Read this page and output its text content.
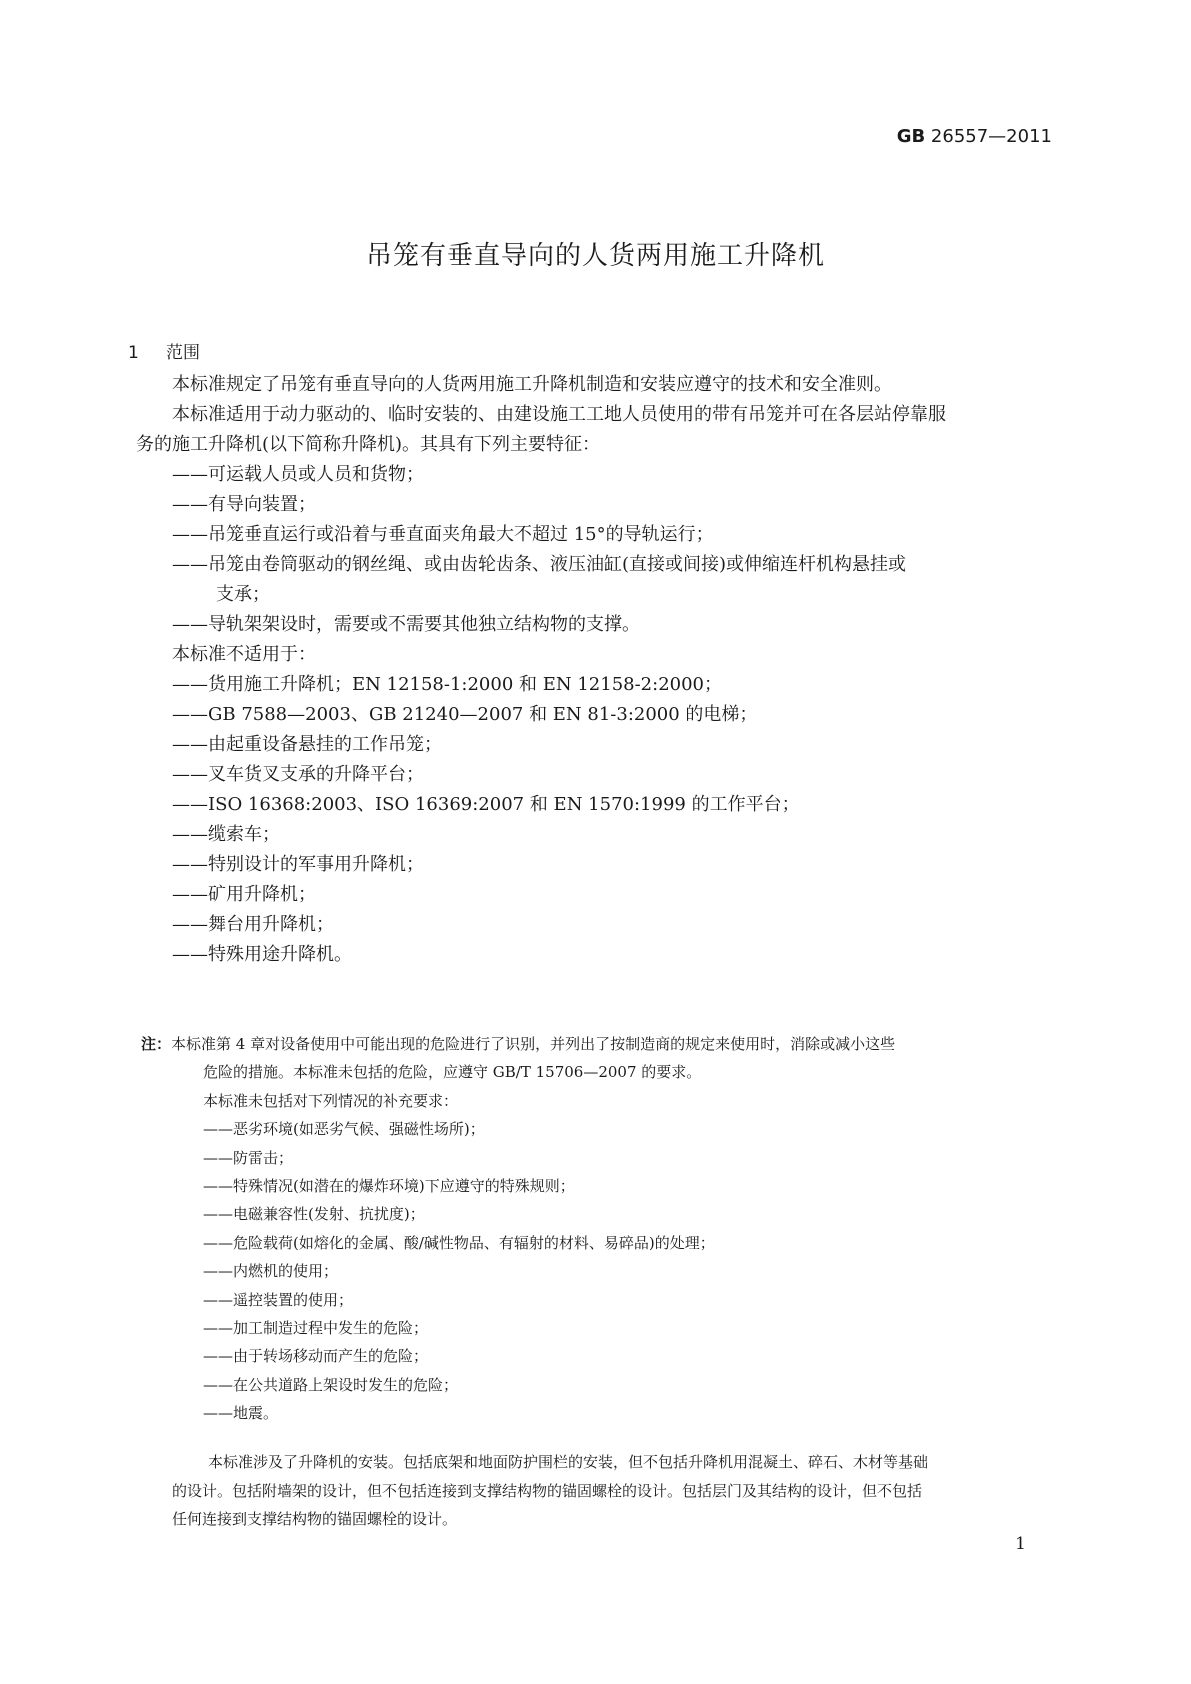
GB 26557—2011
吊笼有垂直导向的人货两用施工升降机
1 范围
本标准规定了吊笼有垂直导向的人货两用施工升降机制造和安装应遵守的技术和安全准则。
本标准适用于动力驱动的、临时安装的、由建设施工工地人员使用的带有吊笼并可在各层站停靠服
务的施工升降机(以下简称升降机)。其具有下列主要特征：
——可运载人员或人员和货物；
——有导向装置；
——吊笼垂直运行或沿着与垂直面夹角最大不超过 15°的导轨运行；
——吊笼由卷筒驱动的钢丝绳、或由齿轮齿条、液压油缸(直接或间接)或伸缩连杆机构悬挂或
支承；
——导轨架架设时，需要或不需要其他独立结构物的支撑。
本标准不适用于：
——货用施工升降机；EN 12158-1:2000 和 EN 12158-2:2000；
——GB 7588—2003、GB 21240—2007 和 EN 81-3:2000 的电梯；
——由起重设备悬挂的工作吊笼；
——叉车货叉支承的升降平台；
——ISO 16368:2003、ISO 16369:2007 和 EN 1570:1999 的工作平台；
——缆索车；
——特别设计的军事用升降机；
——矿用升降机；
——舞台用升降机；
——特殊用途升降机。
注：本标准第 4 章对设备使用中可能出现的危险进行了识别，并列出了按制造商的规定来使用时，消除或减小这些
危险的措施。本标准未包括的危险，应遵守 GB/T 15706—2007 的要求。
本标准未包括对下列情况的补充要求：
——恶劣环境(如恶劣气候、强磁性场所)；
——防雷击；
——特殊情况(如潜在的爆炸环境)下应遵守的特殊规则；
——电磁兼容性(发射、抗扰度)；
——危险载荷(如熔化的金属、酸/碱性物品、有辐射的材料、易碎品)的处理；
——内燃机的使用；
——遥控装置的使用；
——加工制造过程中发生的危险；
——由于转场移动而产生的危险；
——在公共道路上架设时发生的危险；
——地震。
本标准涉及了升降机的安装。包括底架和地面防护围栏的安装，但不包括升降机用混凝土、碎石、木材等基础
的设计。包括附墙架的设计，但不包括连接到支撑结构物的锚固螺栓的设计。包括层门及其结构的设计，但不包括
任何连接到支撑结构物的锚固螺栓的设计。
1
